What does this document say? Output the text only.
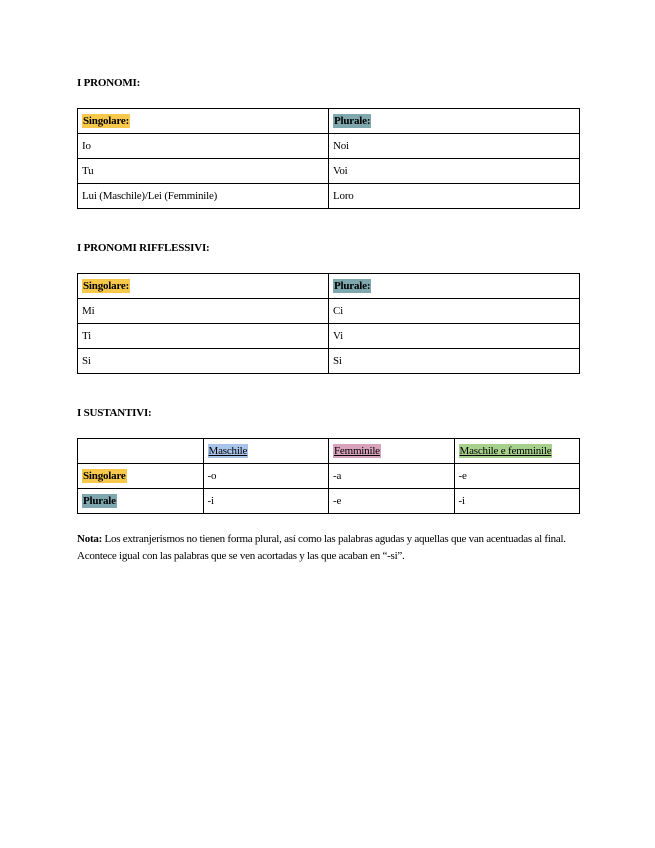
I PRONOMI:
Singolare:	Plurale:
Io	Noi
Tu	Voi
Lui (Maschile)/Lei (Femminile)	Loro
I PRONOMI RIFFLESSIVI:
Singolare:	Plurale:
Mi	Ci
Ti	Vi
Si	Si
I SUSTANTIVI:
	Maschile	Femminile	Maschile e femminile
Singolare	-o	-a	-e
Plurale	-i	-e	-i
Nota: Los extranjerismos no tienen forma plural, así como las palabras agudas y aquellas que van acentuadas al final. Acontece igual con las palabras que se ven acortadas y las que acaban en “-si”.
